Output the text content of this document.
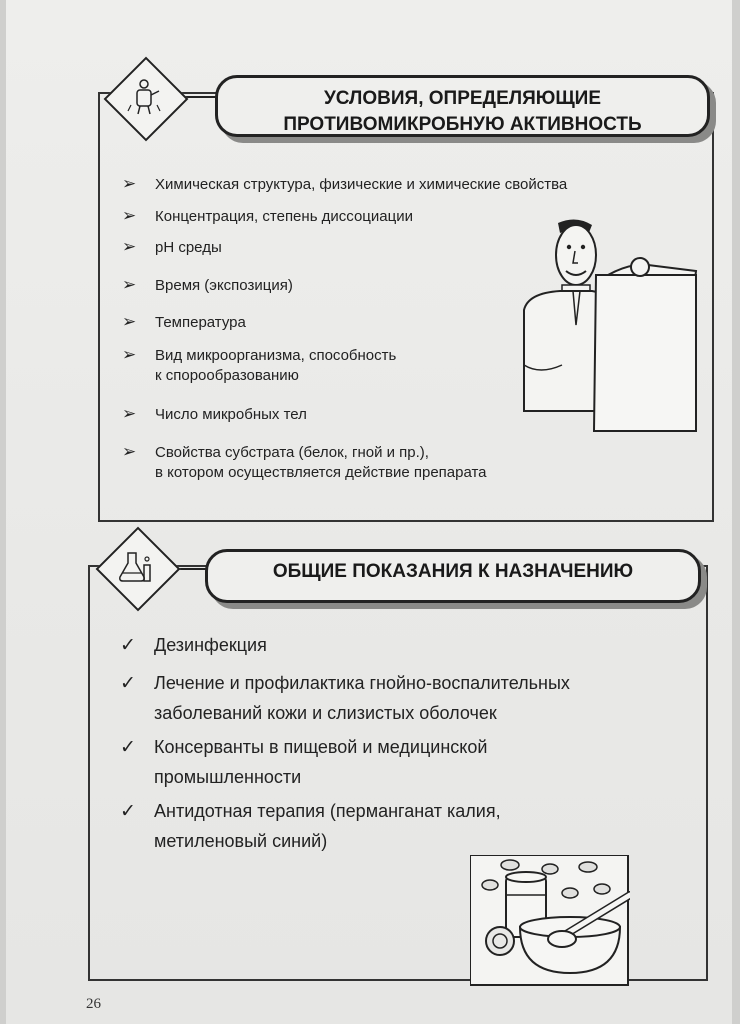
УСЛОВИЯ, ОПРЕДЕЛЯЮЩИЕ
ПРОТИВОМИКРОБНУЮ АКТИВНОСТЬ
➢ Химическая структура, физические и химические свойства
➢ Концентрация, степень диссоциации
➢ pH среды
➢ Время (экспозиция)
➢ Температура
➢ Вид микроорганизма, способность
к спорообразованию
➢ Число микробных тел
➢ Свойства субстрата (белок, гной и пр.),
в котором осуществляется действие препарата
ОБЩИЕ ПОКАЗАНИЯ К НАЗНАЧЕНИЮ
✓ Дезинфекция
✓ Лечение и профилактика гнойно-воспалительных
заболеваний кожи и слизистых оболочек
✓ Консерванты в пищевой и медицинской
промышленности
✓ Антидотная терапия (перманганат калия,
метиленовый синий)
26
